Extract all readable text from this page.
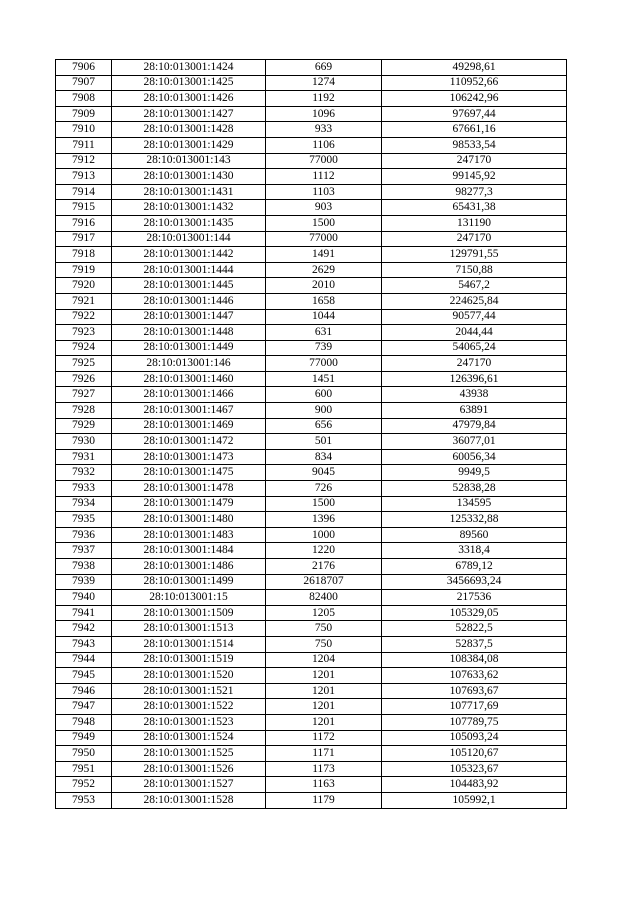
7906	28:10:013001:1424	669	49298,61
7907	28:10:013001:1425	1274	110952,66
7908	28:10:013001:1426	1192	106242,96
7909	28:10:013001:1427	1096	97697,44
7910	28:10:013001:1428	933	67661,16
7911	28:10:013001:1429	1106	98533,54
7912	28:10:013001:143	77000	247170
7913	28:10:013001:1430	1112	99145,92
7914	28:10:013001:1431	1103	98277,3
7915	28:10:013001:1432	903	65431,38
7916	28:10:013001:1435	1500	131190
7917	28:10:013001:144	77000	247170
7918	28:10:013001:1442	1491	129791,55
7919	28:10:013001:1444	2629	7150,88
7920	28:10:013001:1445	2010	5467,2
7921	28:10:013001:1446	1658	224625,84
7922	28:10:013001:1447	1044	90577,44
7923	28:10:013001:1448	631	2044,44
7924	28:10:013001:1449	739	54065,24
7925	28:10:013001:146	77000	247170
7926	28:10:013001:1460	1451	126396,61
7927	28:10:013001:1466	600	43938
7928	28:10:013001:1467	900	63891
7929	28:10:013001:1469	656	47979,84
7930	28:10:013001:1472	501	36077,01
7931	28:10:013001:1473	834	60056,34
7932	28:10:013001:1475	9045	9949,5
7933	28:10:013001:1478	726	52838,28
7934	28:10:013001:1479	1500	134595
7935	28:10:013001:1480	1396	125332,88
7936	28:10:013001:1483	1000	89560
7937	28:10:013001:1484	1220	3318,4
7938	28:10:013001:1486	2176	6789,12
7939	28:10:013001:1499	2618707	3456693,24
7940	28:10:013001:15	82400	217536
7941	28:10:013001:1509	1205	105329,05
7942	28:10:013001:1513	750	52822,5
7943	28:10:013001:1514	750	52837,5
7944	28:10:013001:1519	1204	108384,08
7945	28:10:013001:1520	1201	107633,62
7946	28:10:013001:1521	1201	107693,67
7947	28:10:013001:1522	1201	107717,69
7948	28:10:013001:1523	1201	107789,75
7949	28:10:013001:1524	1172	105093,24
7950	28:10:013001:1525	1171	105120,67
7951	28:10:013001:1526	1173	105323,67
7952	28:10:013001:1527	1163	104483,92
7953	28:10:013001:1528	1179	105992,1
